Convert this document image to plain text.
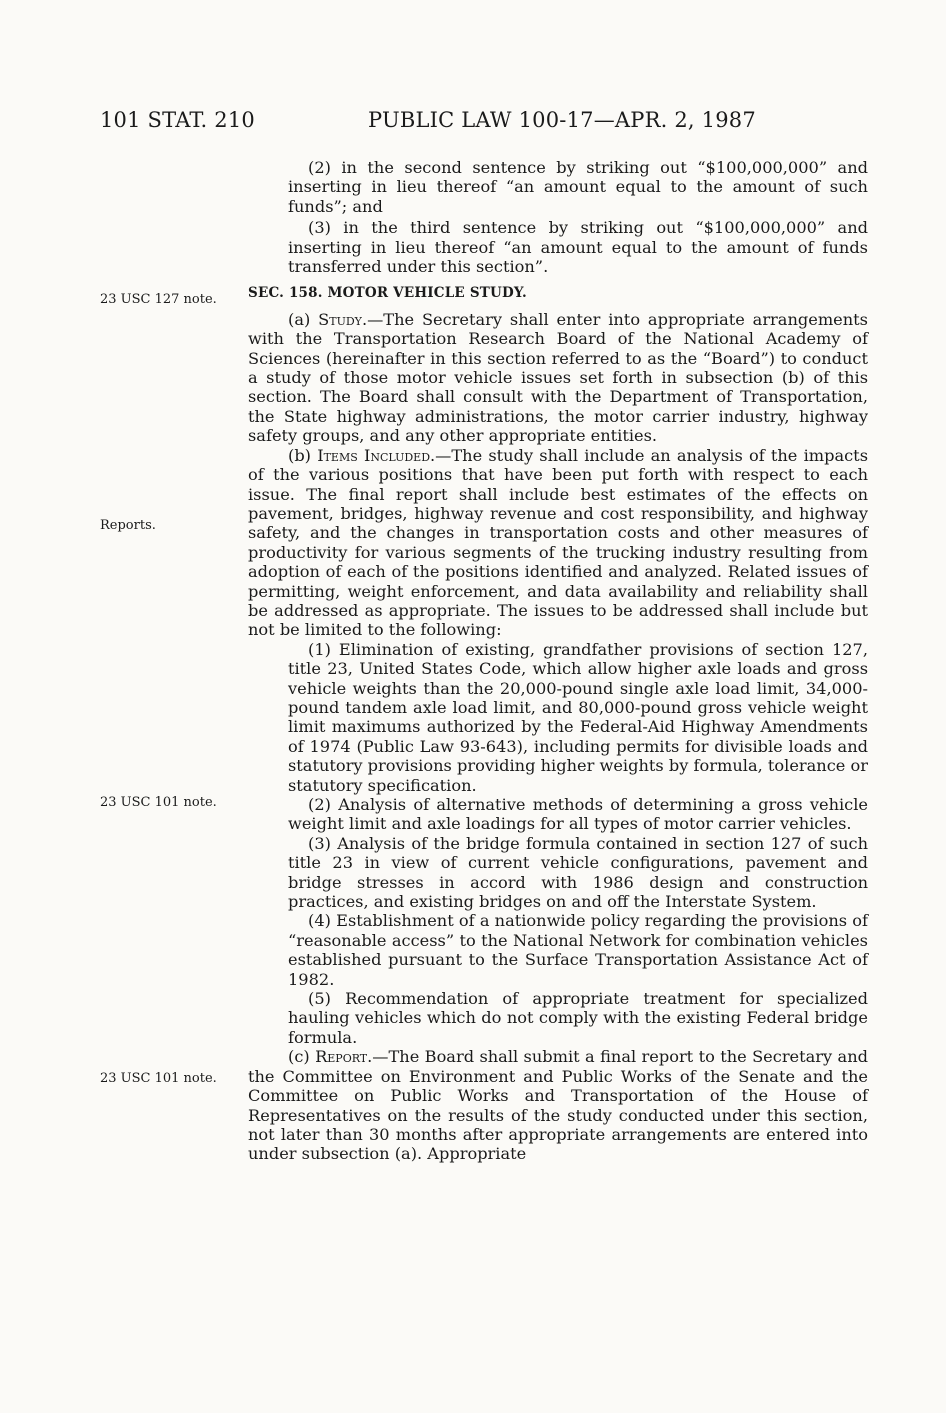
101 STAT. 210	PUBLIC LAW 100-17—APR. 2, 1987
23 USC 127 note.
Reports.
23 USC 101 note.
23 USC 101 note.

(2) in the second sentence by striking out “$100,000,000” and inserting in lieu thereof “an amount equal to the amount of such funds”; and

(3) in the third sentence by striking out “$100,000,000” and inserting in lieu thereof “an amount equal to the amount of funds transferred under this section”.

SEC. 158. MOTOR VEHICLE STUDY.

(a) Study.—The Secretary shall enter into appropriate arrangements with the Transportation Research Board of the National Academy of Sciences (hereinafter in this section referred to as the “Board”) to conduct a study of those motor vehicle issues set forth in subsection (b) of this section. The Board shall consult with the Department of Transportation, the State highway administrations, the motor carrier industry, highway safety groups, and any other appropriate entities.

(b) Items Included.—The study shall include an analysis of the impacts of the various positions that have been put forth with respect to each issue. The final report shall include best estimates of the effects on pavement, bridges, highway revenue and cost responsibility, and highway safety, and the changes in transportation costs and other measures of productivity for various segments of the trucking industry resulting from adoption of each of the positions identified and analyzed. Related issues of permitting, weight enforcement, and data availability and reliability shall be addressed as appropriate. The issues to be addressed shall include but not be limited to the following:

(1) Elimination of existing, grandfather provisions of section 127, title 23, United States Code, which allow higher axle loads and gross vehicle weights than the 20,000-pound single axle load limit, 34,000-pound tandem axle load limit, and 80,000-pound gross vehicle weight limit maximums authorized by the Federal-Aid Highway Amendments of 1974 (Public Law 93-643), including permits for divisible loads and statutory provisions providing higher weights by formula, tolerance or statutory specification.

(2) Analysis of alternative methods of determining a gross vehicle weight limit and axle loadings for all types of motor carrier vehicles.

(3) Analysis of the bridge formula contained in section 127 of such title 23 in view of current vehicle configurations, pavement and bridge stresses in accord with 1986 design and construction practices, and existing bridges on and off the Interstate System.

(4) Establishment of a nationwide policy regarding the provisions of “reasonable access” to the National Network for combination vehicles established pursuant to the Surface Transportation Assistance Act of 1982.

(5) Recommendation of appropriate treatment for specialized hauling vehicles which do not comply with the existing Federal bridge formula.

(c) Report.—The Board shall submit a final report to the Secretary and the Committee on Environment and Public Works of the Senate and the Committee on Public Works and Transportation of the House of Representatives on the results of the study conducted under this section, not later than 30 months after appropriate arrangements are entered into under subsection (a). Appropriate
